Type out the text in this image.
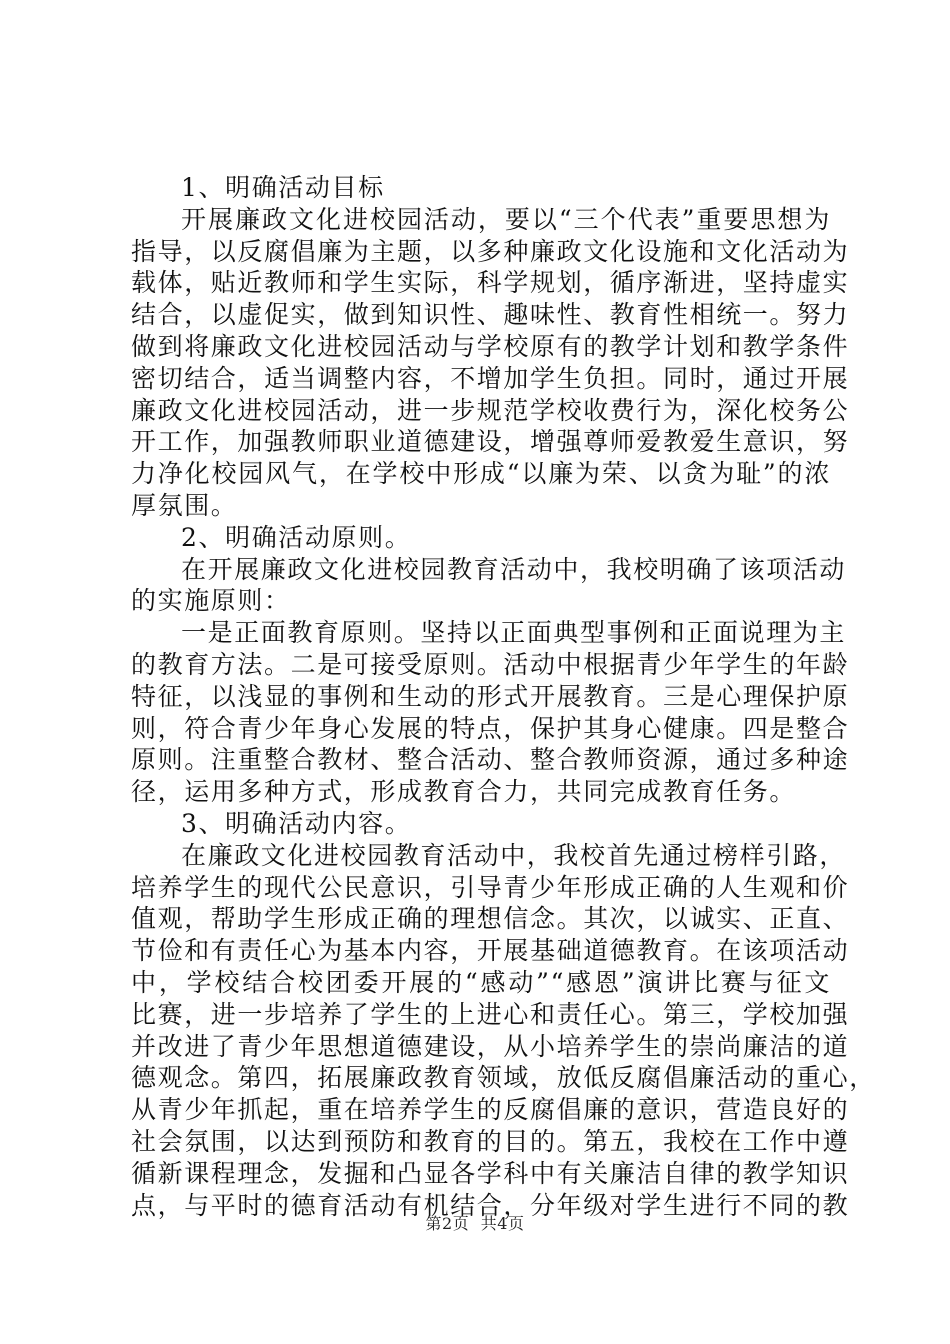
1、明确活动目标
开展廉政文化进校园活动，要以“三个代表”重要思想为
指导，以反腐倡廉为主题，以多种廉政文化设施和文化活动为
载体，贴近教师和学生实际，科学规划，循序渐进，坚持虚实
结合，以虚促实，做到知识性、趣味性、教育性相统一。努力
做到将廉政文化进校园活动与学校原有的教学计划和教学条件
密切结合，适当调整内容，不增加学生负担。同时，通过开展
廉政文化进校园活动，进一步规范学校收费行为，深化校务公
开工作，加强教师职业道德建设，增强尊师爱教爱生意识，努
力净化校园风气，在学校中形成“以廉为荣、以贪为耻”的浓
厚氛围。
2、明确活动原则。
在开展廉政文化进校园教育活动中，我校明确了该项活动
的实施原则：
一是正面教育原则。坚持以正面典型事例和正面说理为主
的教育方法。二是可接受原则。活动中根据青少年学生的年龄
特征，以浅显的事例和生动的形式开展教育。三是心理保护原
则，符合青少年身心发展的特点，保护其身心健康。四是整合
原则。注重整合教材、整合活动、整合教师资源，通过多种途
径，运用多种方式，形成教育合力，共同完成教育任务。
3、明确活动内容。
在廉政文化进校园教育活动中，我校首先通过榜样引路，
培养学生的现代公民意识，引导青少年形成正确的人生观和价
值观，帮助学生形成正确的理想信念。其次，以诚实、正直、
节俭和有责任心为基本内容，开展基础道德教育。在该项活动
中，学校结合校团委开展的“感动”“感恩”演讲比赛与征文
比赛，进一步培养了学生的上进心和责任心。第三，学校加强
并改进了青少年思想道德建设，从小培养学生的崇尚廉洁的道
德观念。第四，拓展廉政教育领域，放低反腐倡廉活动的重心，
从青少年抓起，重在培养学生的反腐倡廉的意识，营造良好的
社会氛围，以达到预防和教育的目的。第五，我校在工作中遵
循新课程理念，发掘和凸显各学科中有关廉洁自律的教学知识
点，与平时的德育活动有机结合，分年级对学生进行不同的教
第2页 共4页
